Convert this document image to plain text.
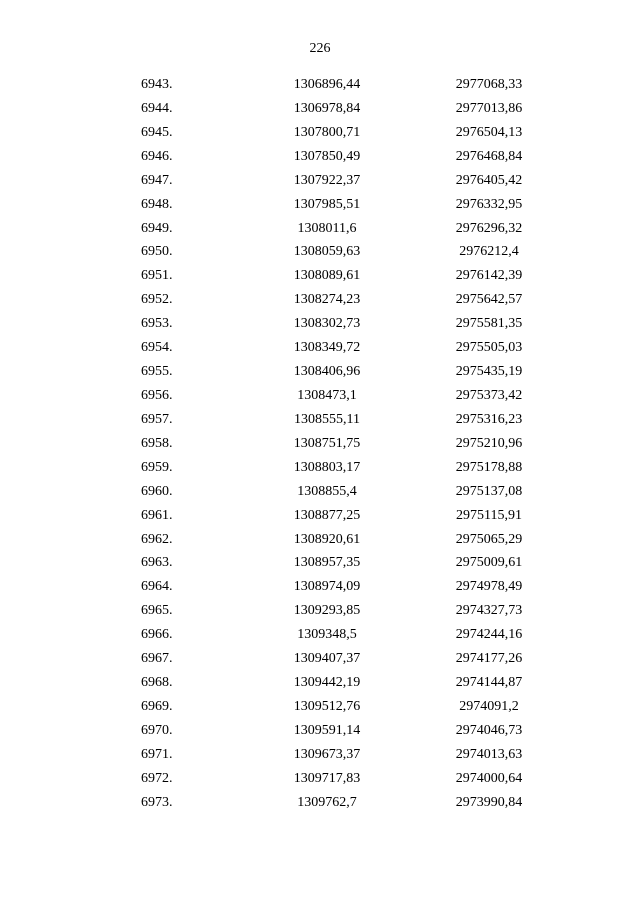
226
6943.	1306896,44	2977068,33
6944.	1306978,84	2977013,86
6945.	1307800,71	2976504,13
6946.	1307850,49	2976468,84
6947.	1307922,37	2976405,42
6948.	1307985,51	2976332,95
6949.	1308011,6	2976296,32
6950.	1308059,63	2976212,4
6951.	1308089,61	2976142,39
6952.	1308274,23	2975642,57
6953.	1308302,73	2975581,35
6954.	1308349,72	2975505,03
6955.	1308406,96	2975435,19
6956.	1308473,1	2975373,42
6957.	1308555,11	2975316,23
6958.	1308751,75	2975210,96
6959.	1308803,17	2975178,88
6960.	1308855,4	2975137,08
6961.	1308877,25	2975115,91
6962.	1308920,61	2975065,29
6963.	1308957,35	2975009,61
6964.	1308974,09	2974978,49
6965.	1309293,85	2974327,73
6966.	1309348,5	2974244,16
6967.	1309407,37	2974177,26
6968.	1309442,19	2974144,87
6969.	1309512,76	2974091,2
6970.	1309591,14	2974046,73
6971.	1309673,37	2974013,63
6972.	1309717,83	2974000,64
6973.	1309762,7	2973990,84
